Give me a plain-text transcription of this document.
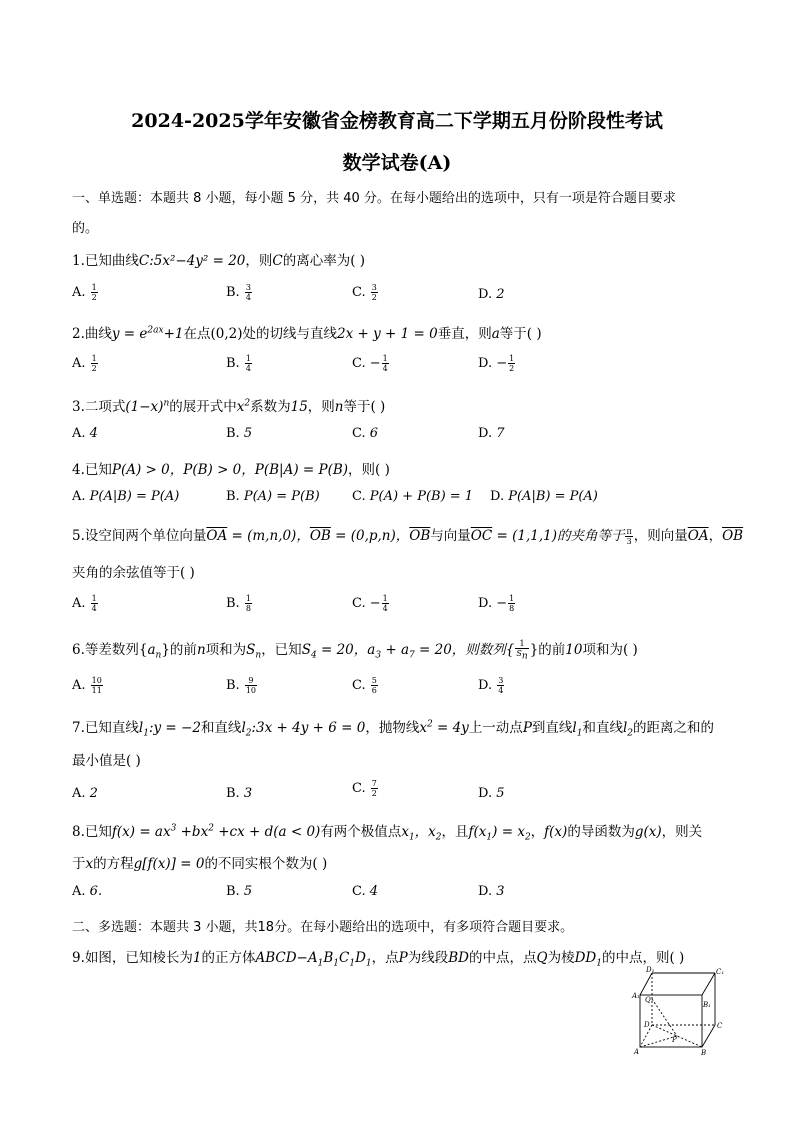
2024-2025学年安徽省金榜教育高二下学期五月份阶段性考试
数学试卷(A)
一、单选题：本题共 8 小题，每小题 5 分，共 40 分。在每小题给出的选项中，只有一项是符合题目要求
的。
1.已知曲线C:5x²−4y² = 20，则C的离心率为( )
A. $\frac{1}{2}$	B. $\frac{3}{4}$	C. $\frac{3}{2}$	D. 2
2.曲线$y = e^{2ax}+1$在点(0,2)处的切线与直线2x + y + 1 = 0垂直，则a等于( )
A. $\frac{1}{2}$	B. $\frac{1}{4}$	C. − $\frac{1}{4}$	D. − $\frac{1}{2}$
3.二项式$(1-x)^n$的展开式中$x^2$系数为15，则n等于( )
A. 4	B. 5	C. 6	D. 7
4.已知P(A) > 0，P(B) > 0，P(B|A) = P(B)，则( )
A. P(A|B) = P(A)	B. P(A) = P(B) C. P(A) + P(B) = 1 D. P(A|B) = P(A)
5.设空间两个单位向量$\overline{OA} = (m,n,0)$，$\overline{OB} = (0,p,n)$，$\overline{OB}$与向量$\overline{OC} = (1,1,1)$的夹角等于 $\frac{\pi}{3}$ ，则向量$\overline{OA}$，$\overline{OB}$
夹角的余弦值等于( )
A. $\frac{1}{4}$	B. $\frac{1}{8}$	C. − $\frac{1}{4}$	D. − $\frac{1}{8}$
6.等差数列$\{a_n\}$的前n项和为$S_n$，已知$S_4 = 20$，$a_3 + a_7 = 20$，则数列{ $\frac{1}{S_n}$ }的前10项和为( )
A. $\frac{10}{11}$	B. $\frac{9}{10}$	C. $\frac{5}{6}$	D. $\frac{3}{4}$
7.已知直线$l_1:y = -2$和直线$l_2:3x + 4y + 6 = 0$，抛物线$x^2 = 4y$上一动点P到直线$l_1$和直线$l_2$的距离之和的
最小值是( )
A. 2	B. 3	C. $\frac{7}{2}$	D. 5
8.已知$f(x) = ax^3 +bx^2 +cx + d(a < 0)$有两个极值点$x_1$，$x_2$，且$f(x_1) = x_2$，f(x)的导函数为g(x)，则关
于x的方程g[f(x)] = 0的不同实根个数为( )
A. 6.	B. 5	C. 4	D. 3
二、多选题：本题共 3 小题，共18分。在每小题给出的选项中，有多项符合题目要求。
9.如图，已知棱长为1的正方体$ABCD-A_1B_1C_1D_1$，点P为线段BD的中点，点Q为棱$DD_1$的中点，则( )
D₁	C₁
A₁
B₁
Q
D	C
A	B
P
